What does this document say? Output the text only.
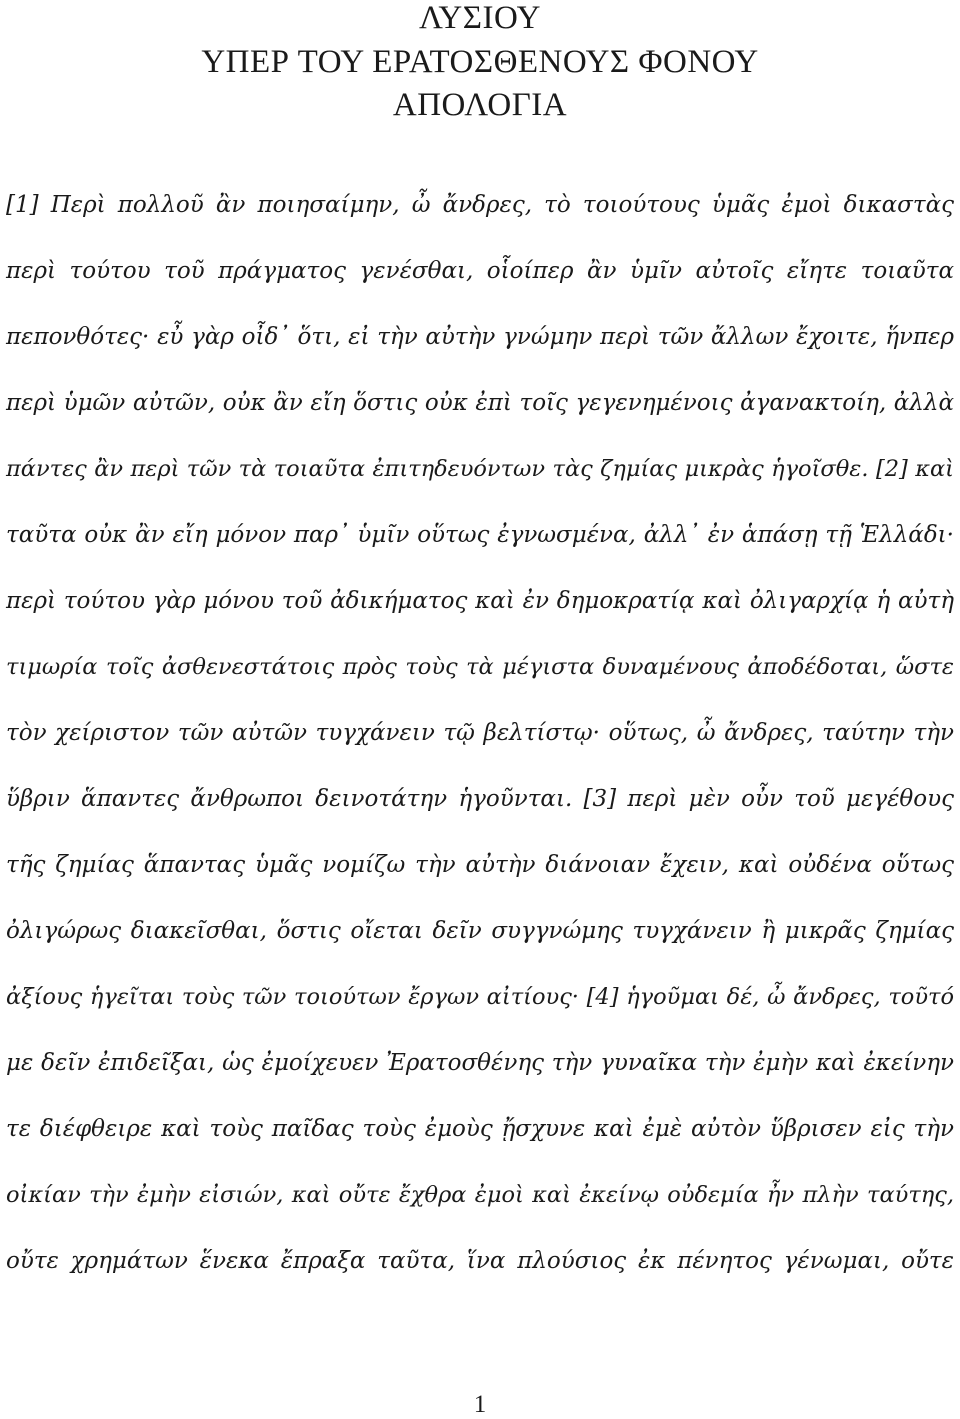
ΛΥΣΙΟΥ
ΥΠΕΡ ΤΟΥ ΕΡΑΤΟΣΘΕΝΟΥΣ ΦΟΝΟΥ
ΑΠΟΛΟΓΙΑ
[1] Περὶ πολλοῦ ἂν ποιησαίμην, ὦ ἄνδρες, τὸ τοιούτους ὑμᾶς ἐμοὶ δικαστὰς
περὶ τούτου τοῦ πράγματος γενέσθαι, οἷοίπερ ἂν ὑμῖν αὐτοῖς εἴητε τοιαῦτα
πεπονθότες· εὖ γὰρ οἶδ᾽ ὅτι, εἰ τὴν αὐτὴν γνώμην περὶ τῶν ἄλλων ἔχοιτε, ἥνπερ
περὶ ὑμῶν αὐτῶν, οὐκ ἂν εἴη ὅστις οὐκ ἐπὶ τοῖς γεγενημένοις ἀγανακτοίη, ἀλλὰ
πάντες ἂν περὶ τῶν τὰ τοιαῦτα ἐπιτηδευόντων τὰς ζημίας μικρὰς ἡγοῖσθε. [2] καὶ
ταῦτα οὐκ ἂν εἴη μόνον παρ᾽ ὑμῖν οὕτως ἐγνωσμένα, ἀλλ᾽ ἐν ἁπάσῃ τῇ Ἑλλάδι·
περὶ τούτου γὰρ μόνου τοῦ ἀδικήματος καὶ ἐν δημοκρατίᾳ καὶ ὀλιγαρχίᾳ ἡ αὐτὴ
τιμωρία τοῖς ἀσθενεστάτοις πρὸς τοὺς τὰ μέγιστα δυναμένους ἀποδέδοται, ὥστε
τὸν χείριστον τῶν αὐτῶν τυγχάνειν τῷ βελτίστῳ· οὕτως, ὦ ἄνδρες, ταύτην τὴν
ὕβριν ἅπαντες ἄνθρωποι δεινοτάτην ἡγοῦνται. [3] περὶ μὲν οὖν τοῦ μεγέθους
τῆς ζημίας ἅπαντας ὑμᾶς νομίζω τὴν αὐτὴν διάνοιαν ἔχειν, καὶ οὐδένα οὕτως
ὀλιγώρως διακεῖσθαι, ὅστις οἴεται δεῖν συγγνώμης τυγχάνειν ἢ μικρᾶς ζημίας
ἀξίους ἡγεῖται τοὺς τῶν τοιούτων ἔργων αἰτίους· [4] ἡγοῦμαι δέ, ὦ ἄνδρες, τοῦτό
με δεῖν ἐπιδεῖξαι, ὡς ἐμοίχευεν Ἐρατοσθένης τὴν γυναῖκα τὴν ἐμὴν καὶ ἐκείνην
τε διέφθειρε καὶ τοὺς παῖδας τοὺς ἐμοὺς ᾔσχυνε καὶ ἐμὲ αὐτὸν ὕβρισεν εἰς τὴν
οἰκίαν τὴν ἐμὴν εἰσιών, καὶ οὔτε ἔχθρα ἐμοὶ καὶ ἐκείνῳ οὐδεμία ἦν πλὴν ταύτης,
οὔτε χρημάτων ἕνεκα ἔπραξα ταῦτα, ἵνα πλούσιος ἐκ πένητος γένωμαι, οὔτε
1
